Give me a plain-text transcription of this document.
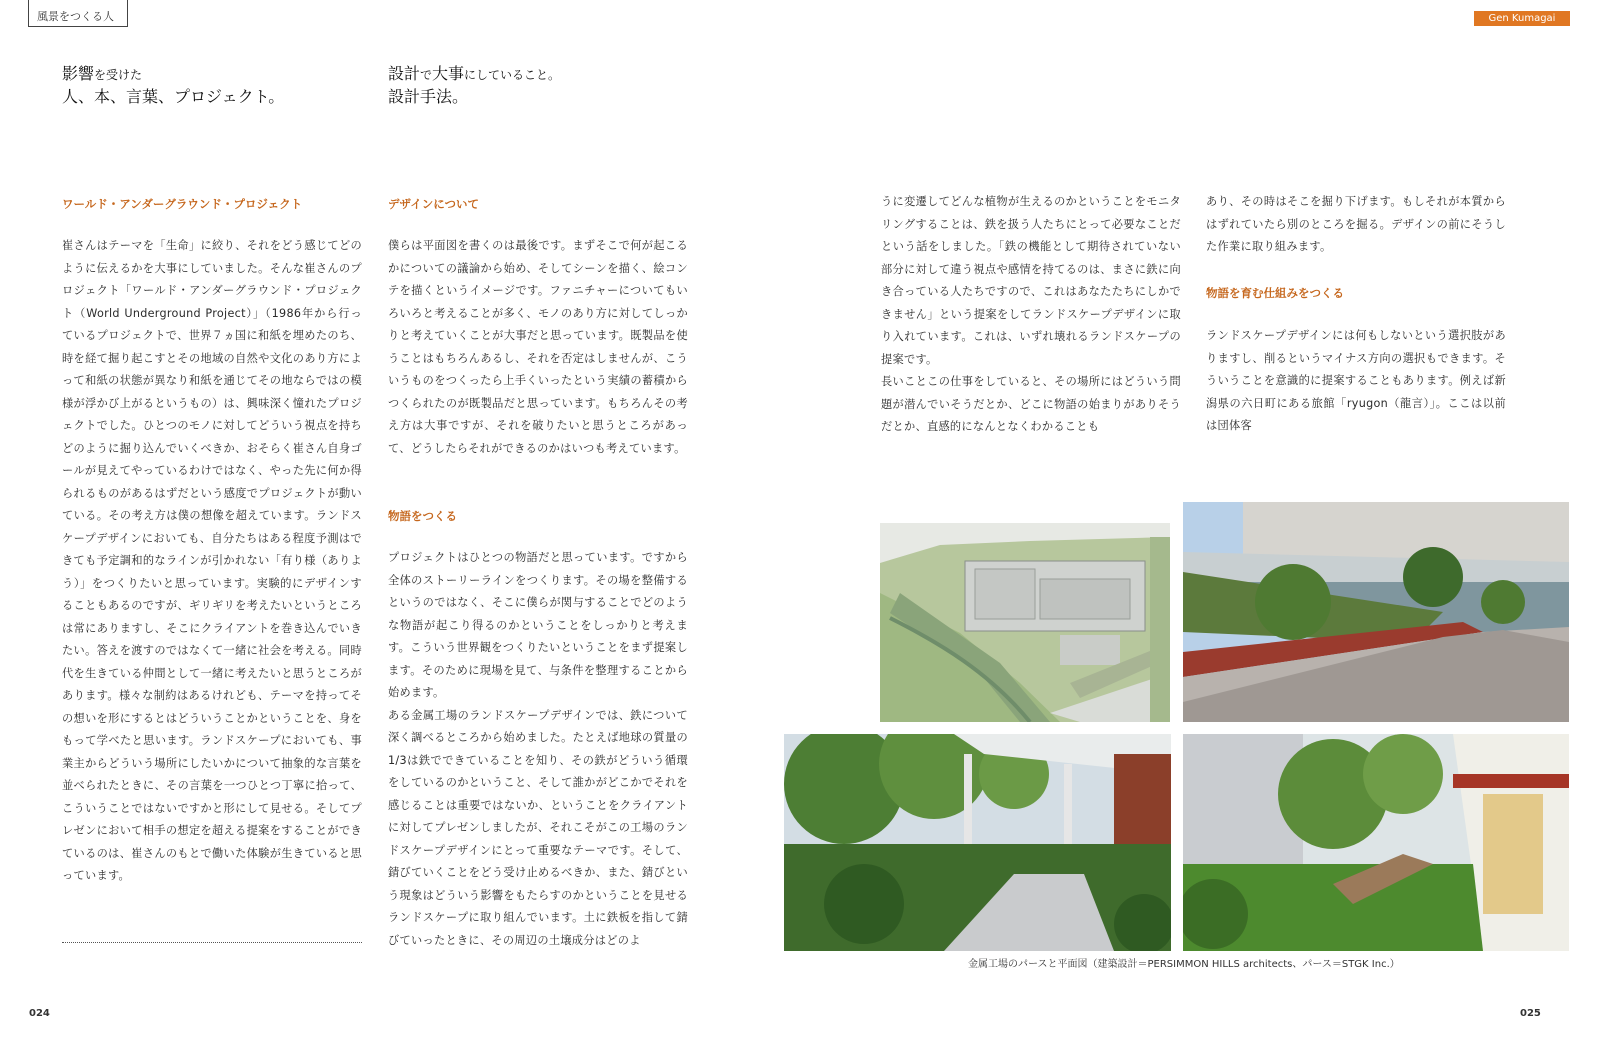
風景をつくる人	Gen Kumagai
影響を受けた
人、本、言葉、プロジェクト。
設計で大事にしていること。
設計手法。
ワールド・アンダーグラウンド・プロジェクト

崔さんはテーマを「生命」に絞り、それをどう感じてどのように伝えるかを大事にしていました。そんな崔さんのプロジェクト「ワールド・アンダーグラウンド・プロジェクト（World Underground Project）」（1986年から行っているプロジェクトで、世界７ヵ国に和紙を埋めたのち、時を経て掘り起こすとその地域の自然や文化のあり方によって和紙の状態が異なり和紙を通じてその地ならではの模様が浮かび上がるというもの）は、興味深く憧れたプロジェクトでした。ひとつのモノに対してどういう視点を持ちどのように掘り込んでいくべきか、おそらく崔さん自身ゴールが見えてやっているわけではなく、やった先に何か得られるものがあるはずだという感度でプロジェクトが動いている。その考え方は僕の想像を超えています。ランドスケープデザインにおいても、自分たちはある程度予測はできても予定調和的なラインが引かれない「有り様（ありよう）」をつくりたいと思っています。実験的にデザインすることもあるのですが、ギリギリを考えたいというところは常にありますし、そこにクライアントを巻き込んでいきたい。答えを渡すのではなくて一緒に社会を考える。同時代を生きている仲間として一緒に考えたいと思うところがあります。様々な制約はあるけれども、テーマを持ってその想いを形にするとはどういうことかということを、身をもって学べたと思います。ランドスケープにおいても、事業主からどういう場所にしたいかについて抽象的な言葉を並べられたときに、その言葉を一つひとつ丁寧に拾って、こういうことではないですかと形にして見せる。そしてプレゼンにおいて相手の想定を超える提案をすることができているのは、崔さんのもとで働いた体験が生きていると思っています。

デザインについて

僕らは平面図を書くのは最後です。まずそこで何が起こるかについての議論から始め、そしてシーンを描く、絵コンテを描くというイメージです。ファニチャーについてもいろいろと考えることが多く、モノのあり方に対してしっかりと考えていくことが大事だと思っています。既製品を使うことはもちろんあるし、それを否定はしませんが、こういうものをつくったら上手くいったという実績の蓄積からつくられたのが既製品だと思っています。もちろんその考え方は大事ですが、それを破りたいと思うところがあって、どうしたらそれができるのかはいつも考えています。

物語をつくる

プロジェクトはひとつの物語だと思っています。ですから全体のストーリーラインをつくります。その場を整備するというのではなく、そこに僕らが関与することでどのような物語が起こり得るのかということをしっかりと考えます。こういう世界観をつくりたいということをまず提案します。そのために現場を見て、与条件を整理することから始めます。

ある金属工場のランドスケープデザインでは、鉄について深く調べるところから始めました。たとえば地球の質量の1/3は鉄でできていることを知り、その鉄がどういう循環をしているのかということ、そして誰かがどこかでそれを感じることは重要ではないか、ということをクライアントに対してプレゼンしましたが、それこそがこの工場のランドスケープデザインにとって重要なテーマです。そして、錆びていくことをどう受け止めるべきか、また、錆びという現象はどういう影響をもたらすのかということを見せるランドスケープに取り組んでいます。土に鉄板を指して錆びていったときに、その周辺の土壌成分はどのよ

うに変遷してどんな植物が生えるのかということをモニタリングすることは、鉄を扱う人たちにとって必要なことだという話をしました。「鉄の機能として期待されていない部分に対して違う視点や感情を持てるのは、まさに鉄に向き合っている人たちですので、これはあなたたちにしかできません」という提案をしてランドスケープデザインに取り入れています。これは、いずれ壊れるランドスケープの提案です。

長いことこの仕事をしていると、その場所にはどういう問題が潜んでいそうだとか、どこに物語の始まりがありそうだとか、直感的になんとなくわかることも

あり、その時はそこを掘り下げます。もしそれが本質からはずれていたら別のところを掘る。デザインの前にそうした作業に取り組みます。

物語を育む仕組みをつくる

ランドスケープデザインには何もしないという選択肢がありますし、削るというマイナス方向の選択もできます。そういうことを意識的に提案することもあります。例えば新潟県の六日町にある旅館「ryugon（龍言）」。ここは以前は団体客

金属工場のパースと平面図（建築設計＝PERSIMMON HILLS architects、パース＝STGK Inc.）
024	025
